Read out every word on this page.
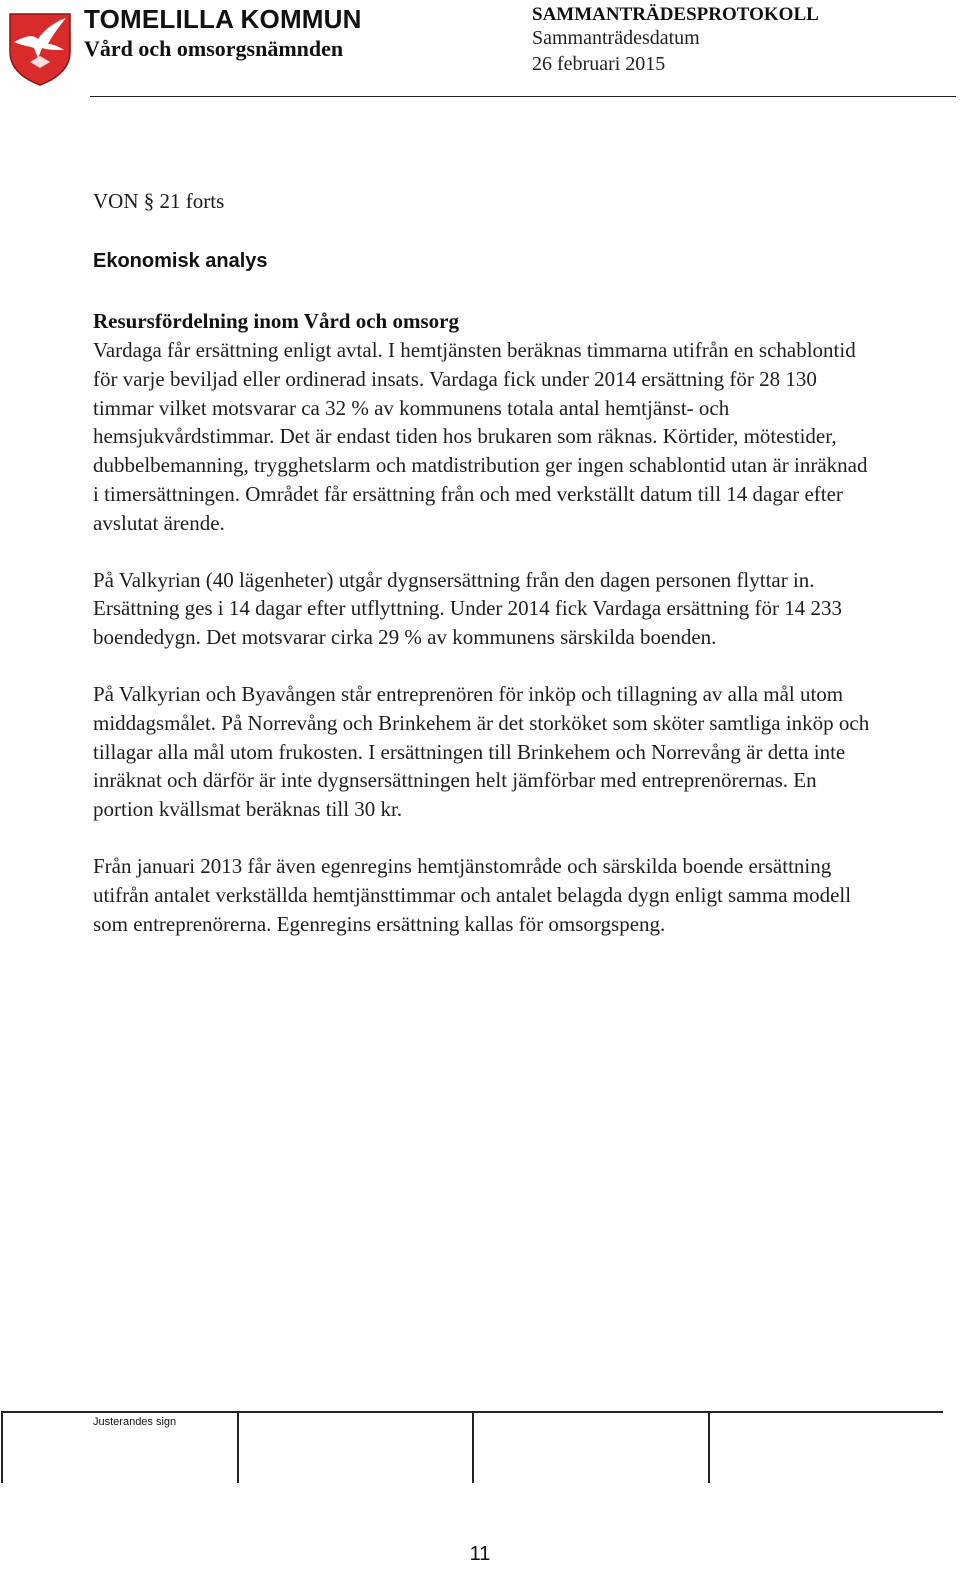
TOMELILLA KOMMUN
Vård och omsorgsnämnden

SAMMANTRÄDESPROTOKOLL

Sammanträdesdatum

26 februari 2015

VON § 21 forts

Ekonomisk analys
Resursfördelning inom Vård och omsorg

Vardaga får ersättning enligt avtal. I hemtjänsten beräknas timmarna utifrån en schablontid för varje beviljad eller ordinerad insats. Vardaga fick under 2014 ersättning för 28 130 timmar vilket motsvarar ca 32 % av kommunens totala antal hemtjänst- och hemsjukvårdstimmar. Det är endast tiden hos brukaren som räknas. Körtider, mötestider, dubbelbemanning, trygghetslarm och matdistribution ger ingen schablontid utan är inräknad i timersättningen. Området får ersättning från och med verkställt datum till 14 dagar efter avslutat ärende.

På Valkyrian (40 lägenheter) utgår dygnsersättning från den dagen personen flyttar in. Ersättning ges i 14 dagar efter utflyttning. Under 2014 fick Vardaga ersättning för 14 233 boendedygn. Det motsvarar cirka 29 % av kommunens särskilda boenden.

På Valkyrian och Byavången står entreprenören för inköp och tillagning av alla mål utom middagsmålet. På Norrevång och Brinkehem är det storköket som sköter samtliga inköp och tillagar alla mål utom frukosten. I ersättningen till Brinkehem och Norrevång är detta inte inräknat och därför är inte dygnsersättningen helt jämförbar med entreprenörernas. En portion kvällsmat beräknas till 30 kr.

Från januari 2013 får även egenregins hemtjänstområde och särskilda boende ersättning utifrån antalet verkställda hemtjänsttimmar och antalet belagda dygn enligt samma modell som entreprenörerna. Egenregins ersättning kallas för omsorgspeng.

Justerandes sign

11
